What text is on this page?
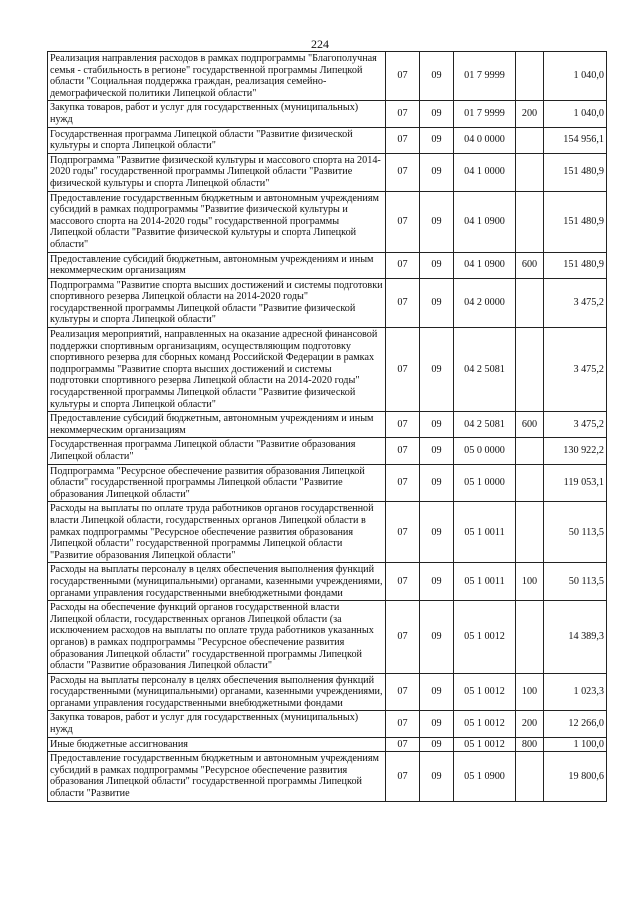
224
Реализация направления расходов в рамках подпрограммы "Благополучная семья - стабильность в регионе" государственной программы Липецкой области "Социальная поддержка граждан, реализация семейно-демографической политики Липецкой области"	07	09	01 7 9999		1 040,0
Закупка товаров, работ и услуг для государственных (муниципальных) нужд	07	09	01 7 9999	200	1 040,0
Государственная программа Липецкой области "Развитие физической культуры и спорта Липецкой области"	07	09	04 0 0000		154 956,1
Подпрограмма "Развитие физической культуры и массового спорта на 2014-2020 годы" государственной программы Липецкой области "Развитие физической культуры и спорта Липецкой области"	07	09	04 1 0000		151 480,9
Предоставление государственным бюджетным и автономным учреждениям субсидий в рамках подпрограммы "Развитие физической культуры и массового спорта на 2014-2020 годы" государственной программы Липецкой области "Развитие физической культуры и спорта Липецкой области"	07	09	04 1 0900		151 480,9
Предоставление субсидий бюджетным, автономным учреждениям и иным некоммерческим организациям	07	09	04 1 0900	600	151 480,9
Подпрограмма "Развитие спорта высших достижений и системы подготовки спортивного резерва Липецкой области на 2014-2020 годы" государственной программы Липецкой области "Развитие физической культуры и спорта Липецкой области"	07	09	04 2 0000		3 475,2
Реализация мероприятий, направленных на оказание адресной финансовой поддержки спортивным организациям, осуществляющим подготовку спортивного резерва для сборных команд Российской Федерации в рамках подпрограммы "Развитие спорта высших достижений и системы подготовки спортивного резерва Липецкой области на 2014-2020 годы" государственной программы Липецкой области "Развитие физической культуры и спорта Липецкой области"	07	09	04 2 5081		3 475,2
Предоставление субсидий бюджетным, автономным учреждениям и иным некоммерческим организациям	07	09	04 2 5081	600	3 475,2
Государственная программа Липецкой области "Развитие образования Липецкой области"	07	09	05 0 0000		130 922,2
Подпрограмма "Ресурсное обеспечение развития образования Липецкой области" государственной программы Липецкой области "Развитие образования Липецкой области"	07	09	05 1 0000		119 053,1
Расходы на выплаты по оплате труда работников органов государственной власти Липецкой области, государственных органов Липецкой области в рамках подпрограммы "Ресурсное обеспечение развития образования Липецкой области" государственной программы Липецкой области "Развитие образования Липецкой области"	07	09	05 1 0011		50 113,5
Расходы на выплаты персоналу в целях обеспечения выполнения функций государственными (муниципальными) органами, казенными учреждениями, органами управления государственными внебюджетными фондами	07	09	05 1 0011	100	50 113,5
Расходы на обеспечение функций органов государственной власти Липецкой области, государственных органов Липецкой области (за исключением расходов на выплаты по оплате труда работников указанных органов) в рамках подпрограммы "Ресурсное обеспечение развития образования Липецкой области" государственной программы Липецкой области "Развитие образования Липецкой области"	07	09	05 1 0012		14 389,3
Расходы на выплаты персоналу в целях обеспечения выполнения функций государственными (муниципальными) органами, казенными учреждениями, органами управления государственными внебюджетными фондами	07	09	05 1 0012	100	1 023,3
Закупка товаров, работ и услуг для государственных (муниципальных) нужд	07	09	05 1 0012	200	12 266,0
Иные бюджетные ассигнования	07	09	05 1 0012	800	1 100,0
Предоставление государственным бюджетным и автономным учреждениям субсидий в рамках подпрограммы "Ресурсное обеспечение развития образования Липецкой области" государственной программы Липецкой области "Развитие	07	09	05 1 0900		19 800,6
